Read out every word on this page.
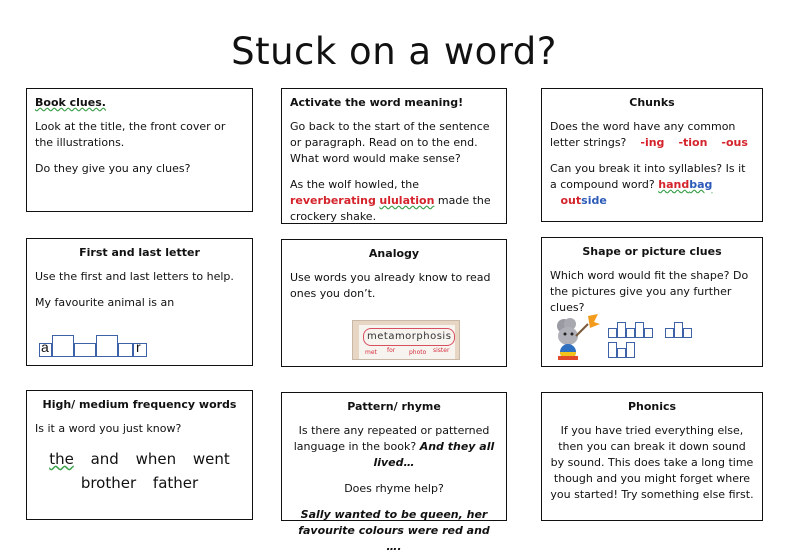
Stuck on a word?
Book clues.

Look at the title, the front cover or the illustrations.

Do they give you any clues?

Activate the word meaning!

Go back to the start of the sentence or paragraph. Read on to the end. What word would make sense?

As the wolf howled, the reverberating ululation made the crockery shake.

Chunks

Does the word have any common letter strings? -ing -tion -ous

Can you break it into syllables? Is it a compound word? handbag    outside

First and last letter

Use the first and last letters to help.

My favourite animal is an

a	r
Analogy

Use words you already know to read ones you don’t.

metamorphosis
met for photo sister
Shape or picture clues

Which word would fit the shape? Do the pictures give you any further clues?

High/ medium frequency words

Is it a word you just know?

the and when went brother father
Pattern/ rhyme

Is there any repeated or patterned language in the book? And they all lived…

Does rhyme help?

Sally wanted to be queen, her favourite colours were red and ….

Phonics

If you have tried everything else, then you can break it down sound by sound. This does take a long time though and you might forget where you started! Try something else first.
